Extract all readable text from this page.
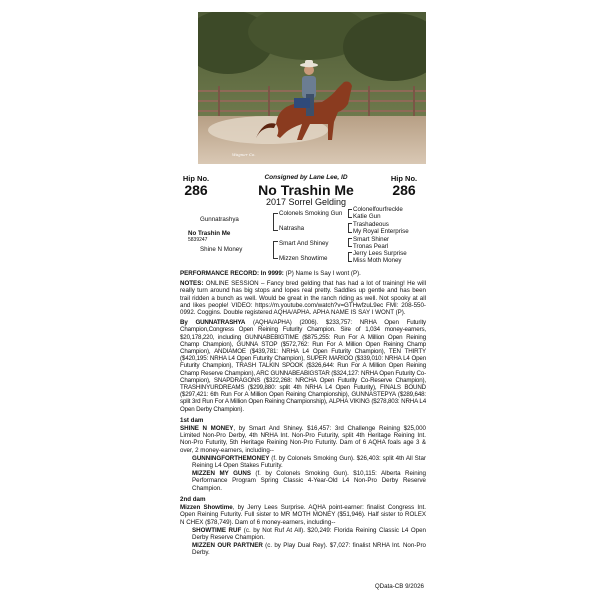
Wagner Co.
Hip No.
286
Hip No.
286
Consigned by Lane Lee, ID
No Trashin Me
2017 Sorrel Gelding
Gunnatrashya
No Trashin Me
5839247
Shine N Money
Colonels Smoking Gun
Natrasha
Smart And Shiney
Mizzen Showtime
Colonelfourfreckle
Katie Gun
Trashadeous
My Royal Enterprise
Smart Shiner
Tronas Pearl
Jerry Lees Surprise
Miss Moth Money

PERFORMANCE RECORD: In 9999: (P) Name Is Say I wont (P).

NOTES: ONLINE SESSION – Fancy bred gelding that has had a lot of training! He will really turn around has big stops and lopes real pretty. Saddles up gentle and has been trail ridden a bunch as well. Would be great in the ranch riding as well. Not spooky at all and likes people! VIDEO: https://m.youtube.com/watch?v=GTHwfzuL9ec FMI: 208-550-0992. Coggins. Double registered AQHA/APHA. APHA NAME IS SAY I WONT (P).

By GUNNATRASHYA (AQHA/APHA) (2006). $233,757: NRHA Open Futurity Champion,Congress Open Reining Futurity Champion. Sire of 1,034 money-earners, $20,178,220, including GUNNABEBIGTIME ($875,255: Run For A Million Open Reining Champ Champion), GUNNA STOP ($572,762: Run For A Million Open Reining Champ Champion), ANDIAMOE ($439,781: NRHA L4 Open Futurity Champion), TEN THIRTY ($420,195: NRHA L4 Open Futurity Champion), SUPER MARIOO ($339,010: NRHA L4 Open Futurity Champion), TRASH TALKIN SPOOK ($326,644: Run For A Million Open Reining Champ Reserve Champion), ARC GUNNABEABIGSTAR ($324,127: NRHA Open Futurity Co-Champion), SNAPDRAGONS ($322,268: NRCHA Open Futurity Co-Reserve Champion), TRASHINYURDREAMS ($299,880: split 4th NRHA L4 Open Futurity), FINALS BOUND ($297,421: 6th Run For A Million Open Reining Championship), GUNNASTEPYA ($289,648: split 3rd Run For A Million Open Reining Championship), ALPHA VIKING ($278,803: NRHA L4 Open Derby Champion).

1st dam

SHINE N MONEY, by Smart And Shiney. $16,457: 3rd Challenge Reining $25,000 Limited Non-Pro Derby, 4th NRHA Int. Non-Pro Futurity, split 4th Heritage Reining Int. Non-Pro Futurity, 5th Heritage Reining Non-Pro Futurity. Dam of 6 AQHA foals age 3 & over, 2 money-earners, including--

GUNNINGFORTHEMONEY (f. by Colonels Smoking Gun). $26,403: split 4th All Star Reining L4 Open Stakes Futurity.

MIZZEN MY GUNS (f. by Colonels Smoking Gun). $10,115: Alberta Reining Performance Program Spring Classic 4-Year-Old L4 Non-Pro Derby Reserve Champion.

2nd dam

Mizzen Showtime, by Jerry Lees Surprise. AQHA point-earner: finalist Congress Int. Open Reining Futurity. Full sister to MR MOTH MONEY ($51,946). Half sister to ROLEX N CHEX ($78,749). Dam of 6 money-earners, including--

SHOWTIME RUF (c. by Not Ruf At All). $20,249: Florida Reining Classic L4 Open Derby Reserve Champion.

MIZZEN OUR PARTNER (c. by Play Dual Rey). $7,027: finalist NRHA Int. Non-Pro Derby.

QData-CB 9/2026
